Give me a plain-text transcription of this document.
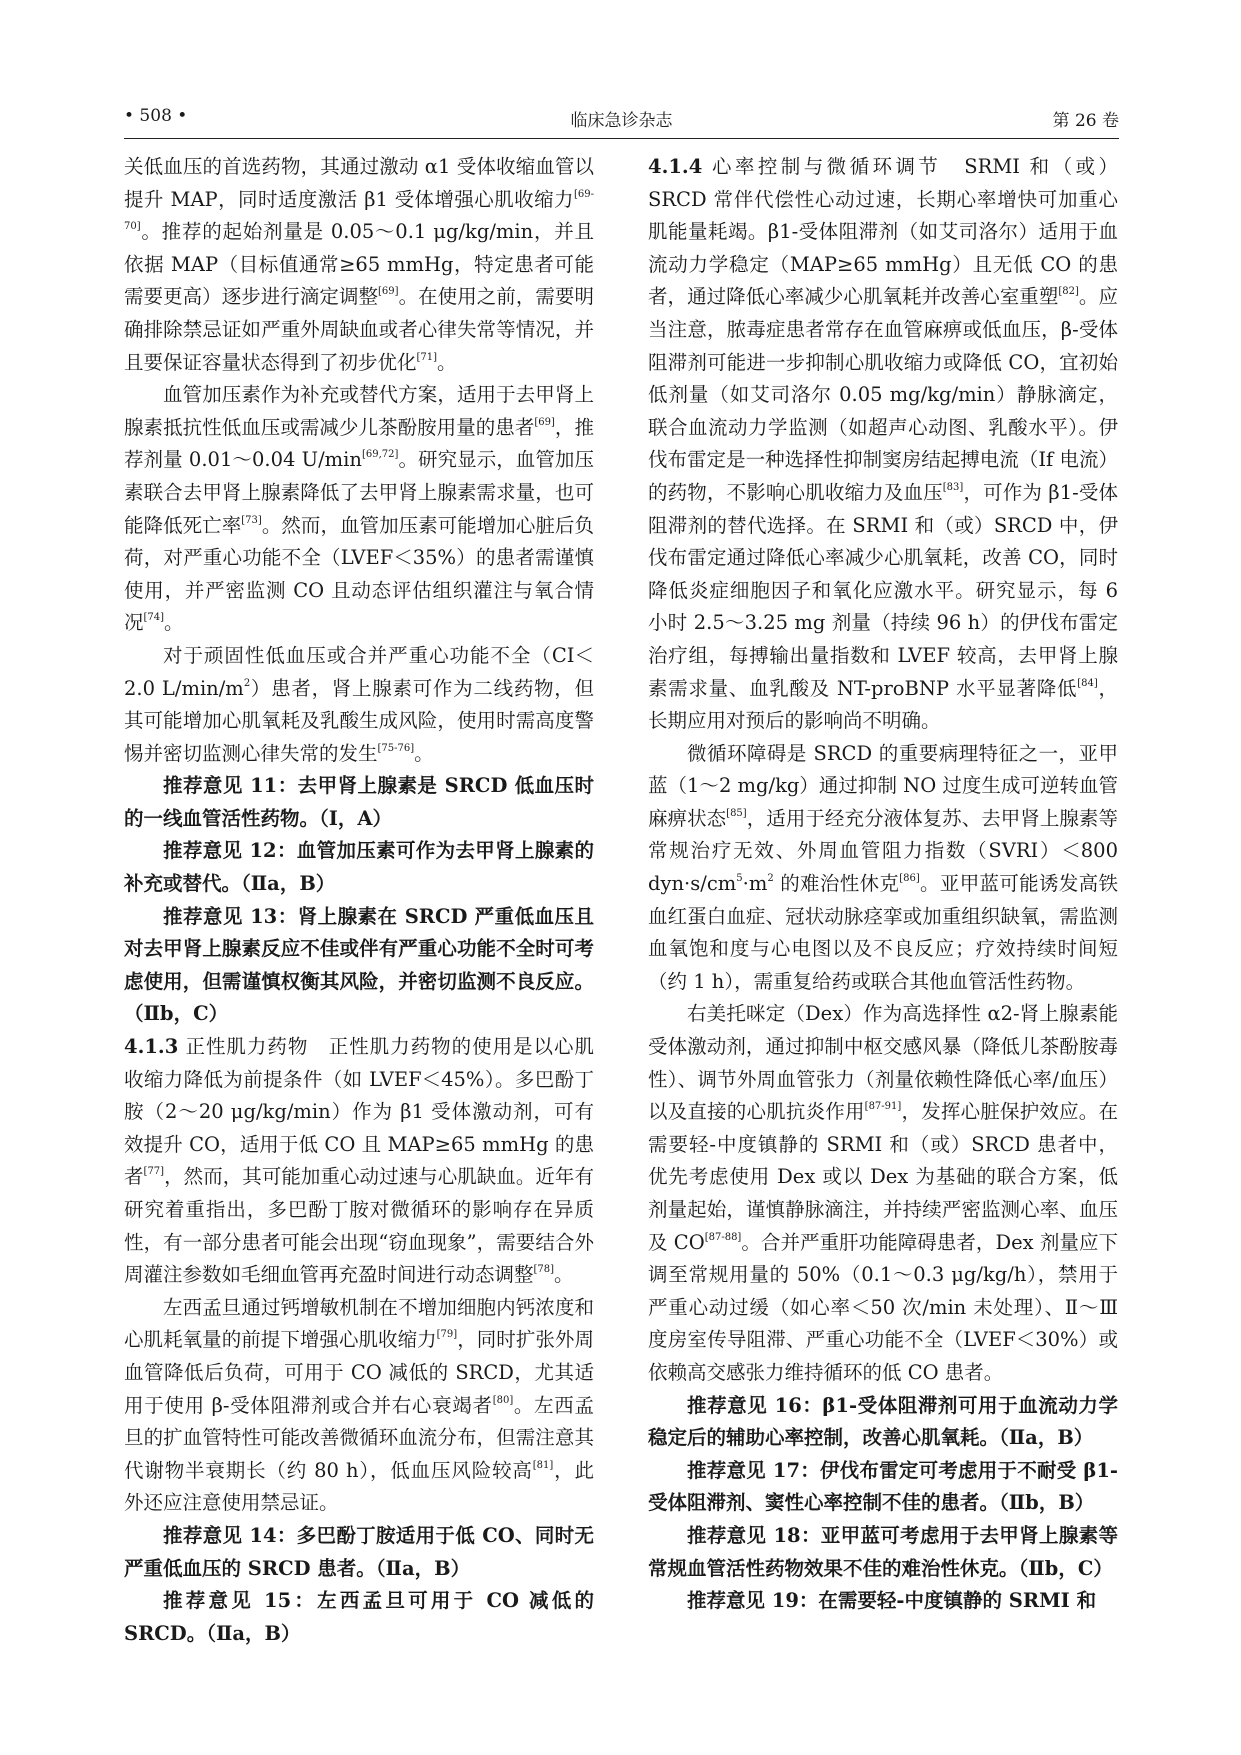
• 508 •	临床急诊杂志	第 26 卷

关低血压的首选药物，其通过激动 α1 受体收缩血管以提升 MAP，同时适度激活 β1 受体增强心肌收缩力[69-70]。推荐的起始剂量是 0.05～0.1 μg/kg/min，并且依据 MAP（目标值通常≥65 mmHg，特定患者可能需要更高）逐步进行滴定调整[69]。在使用之前，需要明确排除禁忌证如严重外周缺血或者心律失常等情况，并且要保证容量状态得到了初步优化[71]。

血管加压素作为补充或替代方案，适用于去甲肾上腺素抵抗性低血压或需减少儿茶酚胺用量的患者[69]，推荐剂量 0.01～0.04 U/min[69,72]。研究显示，血管加压素联合去甲肾上腺素降低了去甲肾上腺素需求量，也可能降低死亡率[73]。然而，血管加压素可能增加心脏后负荷，对严重心功能不全（LVEF＜35%）的患者需谨慎使用，并严密监测 CO 且动态评估组织灌注与氧合情况[74]。

对于顽固性低血压或合并严重心功能不全（CI＜2.0 $L/\min/m^2$）患者，肾上腺素可作为二线药物，但其可能增加心肌氧耗及乳酸生成风险，使用时需高度警惕并密切监测心律失常的发生[75-76]。

推荐意见 11：去甲肾上腺素是 SRCD 低血压时的一线血管活性药物。（Ⅰ，A）

推荐意见 12：血管加压素可作为去甲肾上腺素的补充或替代。（Ⅱa，B）

推荐意见 13：肾上腺素在 SRCD 严重低血压且对去甲肾上腺素反应不佳或伴有严重心功能不全时可考虑使用，但需谨慎权衡其风险，并密切监测不良反应。（Ⅱb，C）

4.1.3 正性肌力药物　 正性肌力药物的使用是以心肌收缩力降低为前提条件（如 LVEF＜45%）。多巴酚丁胺（2～20 μg/kg/min）作为 β1 受体激动剂，可有效提升 CO，适用于低 CO 且 MAP≥65 mmHg 的患者[77]，然而，其可能加重心动过速与心肌缺血。近年有研究着重指出，多巴酚丁胺对微循环的影响存在异质性，有一部分患者可能会出现“窃血现象”，需要结合外周灌注参数如毛细血管再充盈时间进行动态调整[78]。

左西孟旦通过钙增敏机制在不增加细胞内钙浓度和心肌耗氧量的前提下增强心肌收缩力[79]，同时扩张外周血管降低后负荷，可用于 CO 减低的 SRCD，尤其适用于使用 β-受体阻滞剂或合并右心衰竭者[80]。左西孟旦的扩血管特性可能改善微循环血流分布，但需注意其代谢物半衰期长（约 80 h），低血压风险较高[81]，此外还应注意使用禁忌证。

推荐意见 14：多巴酚丁胺适用于低 CO、同时无严重低血压的 SRCD 患者。（Ⅱa，B）

推荐意见 15：左西孟旦可用于 CO 减低的 SRCD。（Ⅱa，B）

4.1.4 心率控制与微循环调节　 SRMI 和（或）SRCD 常伴代偿性心动过速，长期心率增快可加重心肌能量耗竭。β1-受体阻滞剂（如艾司洛尔）适用于血流动力学稳定（MAP≥65 mmHg）且无低 CO 的患者，通过降低心率减少心肌氧耗并改善心室重塑[82]。应当注意，脓毒症患者常存在血管麻痹或低血压，β-受体阻滞剂可能进一步抑制心肌收缩力或降低 CO，宜初始低剂量（如艾司洛尔 0.05 mg/kg/min）静脉滴定，联合血流动力学监测（如超声心动图、乳酸水平）。伊伐布雷定是一种选择性抑制窦房结起搏电流（If 电流）的药物，不影响心肌收缩力及血压[83]，可作为 β1-受体阻滞剂的替代选择。在 SRMI 和（或）SRCD 中，伊伐布雷定通过降低心率减少心肌氧耗，改善 CO，同时降低炎症细胞因子和氧化应激水平。研究显示，每 6 小时 2.5～3.25 mg 剂量（持续 96 h）的伊伐布雷定治疗组，每搏输出量指数和 LVEF 较高，去甲肾上腺素需求量、血乳酸及 NT-proBNP 水平显著降低[84]，长期应用对预后的影响尚不明确。

微循环障碍是 SRCD 的重要病理特征之一，亚甲蓝（1～2 mg/kg）通过抑制 NO 过度生成可逆转血管麻痹状态[85]，适用于经充分液体复苏、去甲肾上腺素等常规治疗无效、外周血管阻力指数（SVRI）＜800 $dyn\cdot s/cm^5\cdot m^2$ 的难治性休克[86]。亚甲蓝可能诱发高铁血红蛋白血症、冠状动脉痉挛或加重组织缺氧，需监测血氧饱和度与心电图以及不良反应；疗效持续时间短（约 1 h），需重复给药或联合其他血管活性药物。

右美托咪定（Dex）作为高选择性 α2-肾上腺素能受体激动剂，通过抑制中枢交感风暴（降低儿茶酚胺毒性）、调节外周血管张力（剂量依赖性降低心率/血压）以及直接的心肌抗炎作用[87-91]，发挥心脏保护效应。在需要轻-中度镇静的 SRMI 和（或）SRCD 患者中，优先考虑使用 Dex 或以 Dex 为基础的联合方案，低剂量起始，谨慎静脉滴注，并持续严密监测心率、血压及 CO[87-88]。合并严重肝功能障碍患者，Dex 剂量应下调至常规用量的 50%（0.1～0.3 μg/kg/h），禁用于严重心动过缓（如心率＜50 次/min 未处理）、Ⅱ～Ⅲ度房室传导阻滞、严重心功能不全（LVEF＜30%）或依赖高交感张力维持循环的低 CO 患者。

推荐意见 16：β1-受体阻滞剂可用于血流动力学稳定后的辅助心率控制，改善心肌氧耗。（Ⅱa，B）

推荐意见 17：伊伐布雷定可考虑用于不耐受 β1-受体阻滞剂、窦性心率控制不佳的患者。（Ⅱb，B）

推荐意见 18：亚甲蓝可考虑用于去甲肾上腺素等常规血管活性药物效果不佳的难治性休克。（Ⅱb，C）

推荐意见 19：在需要轻-中度镇静的 SRMI 和
